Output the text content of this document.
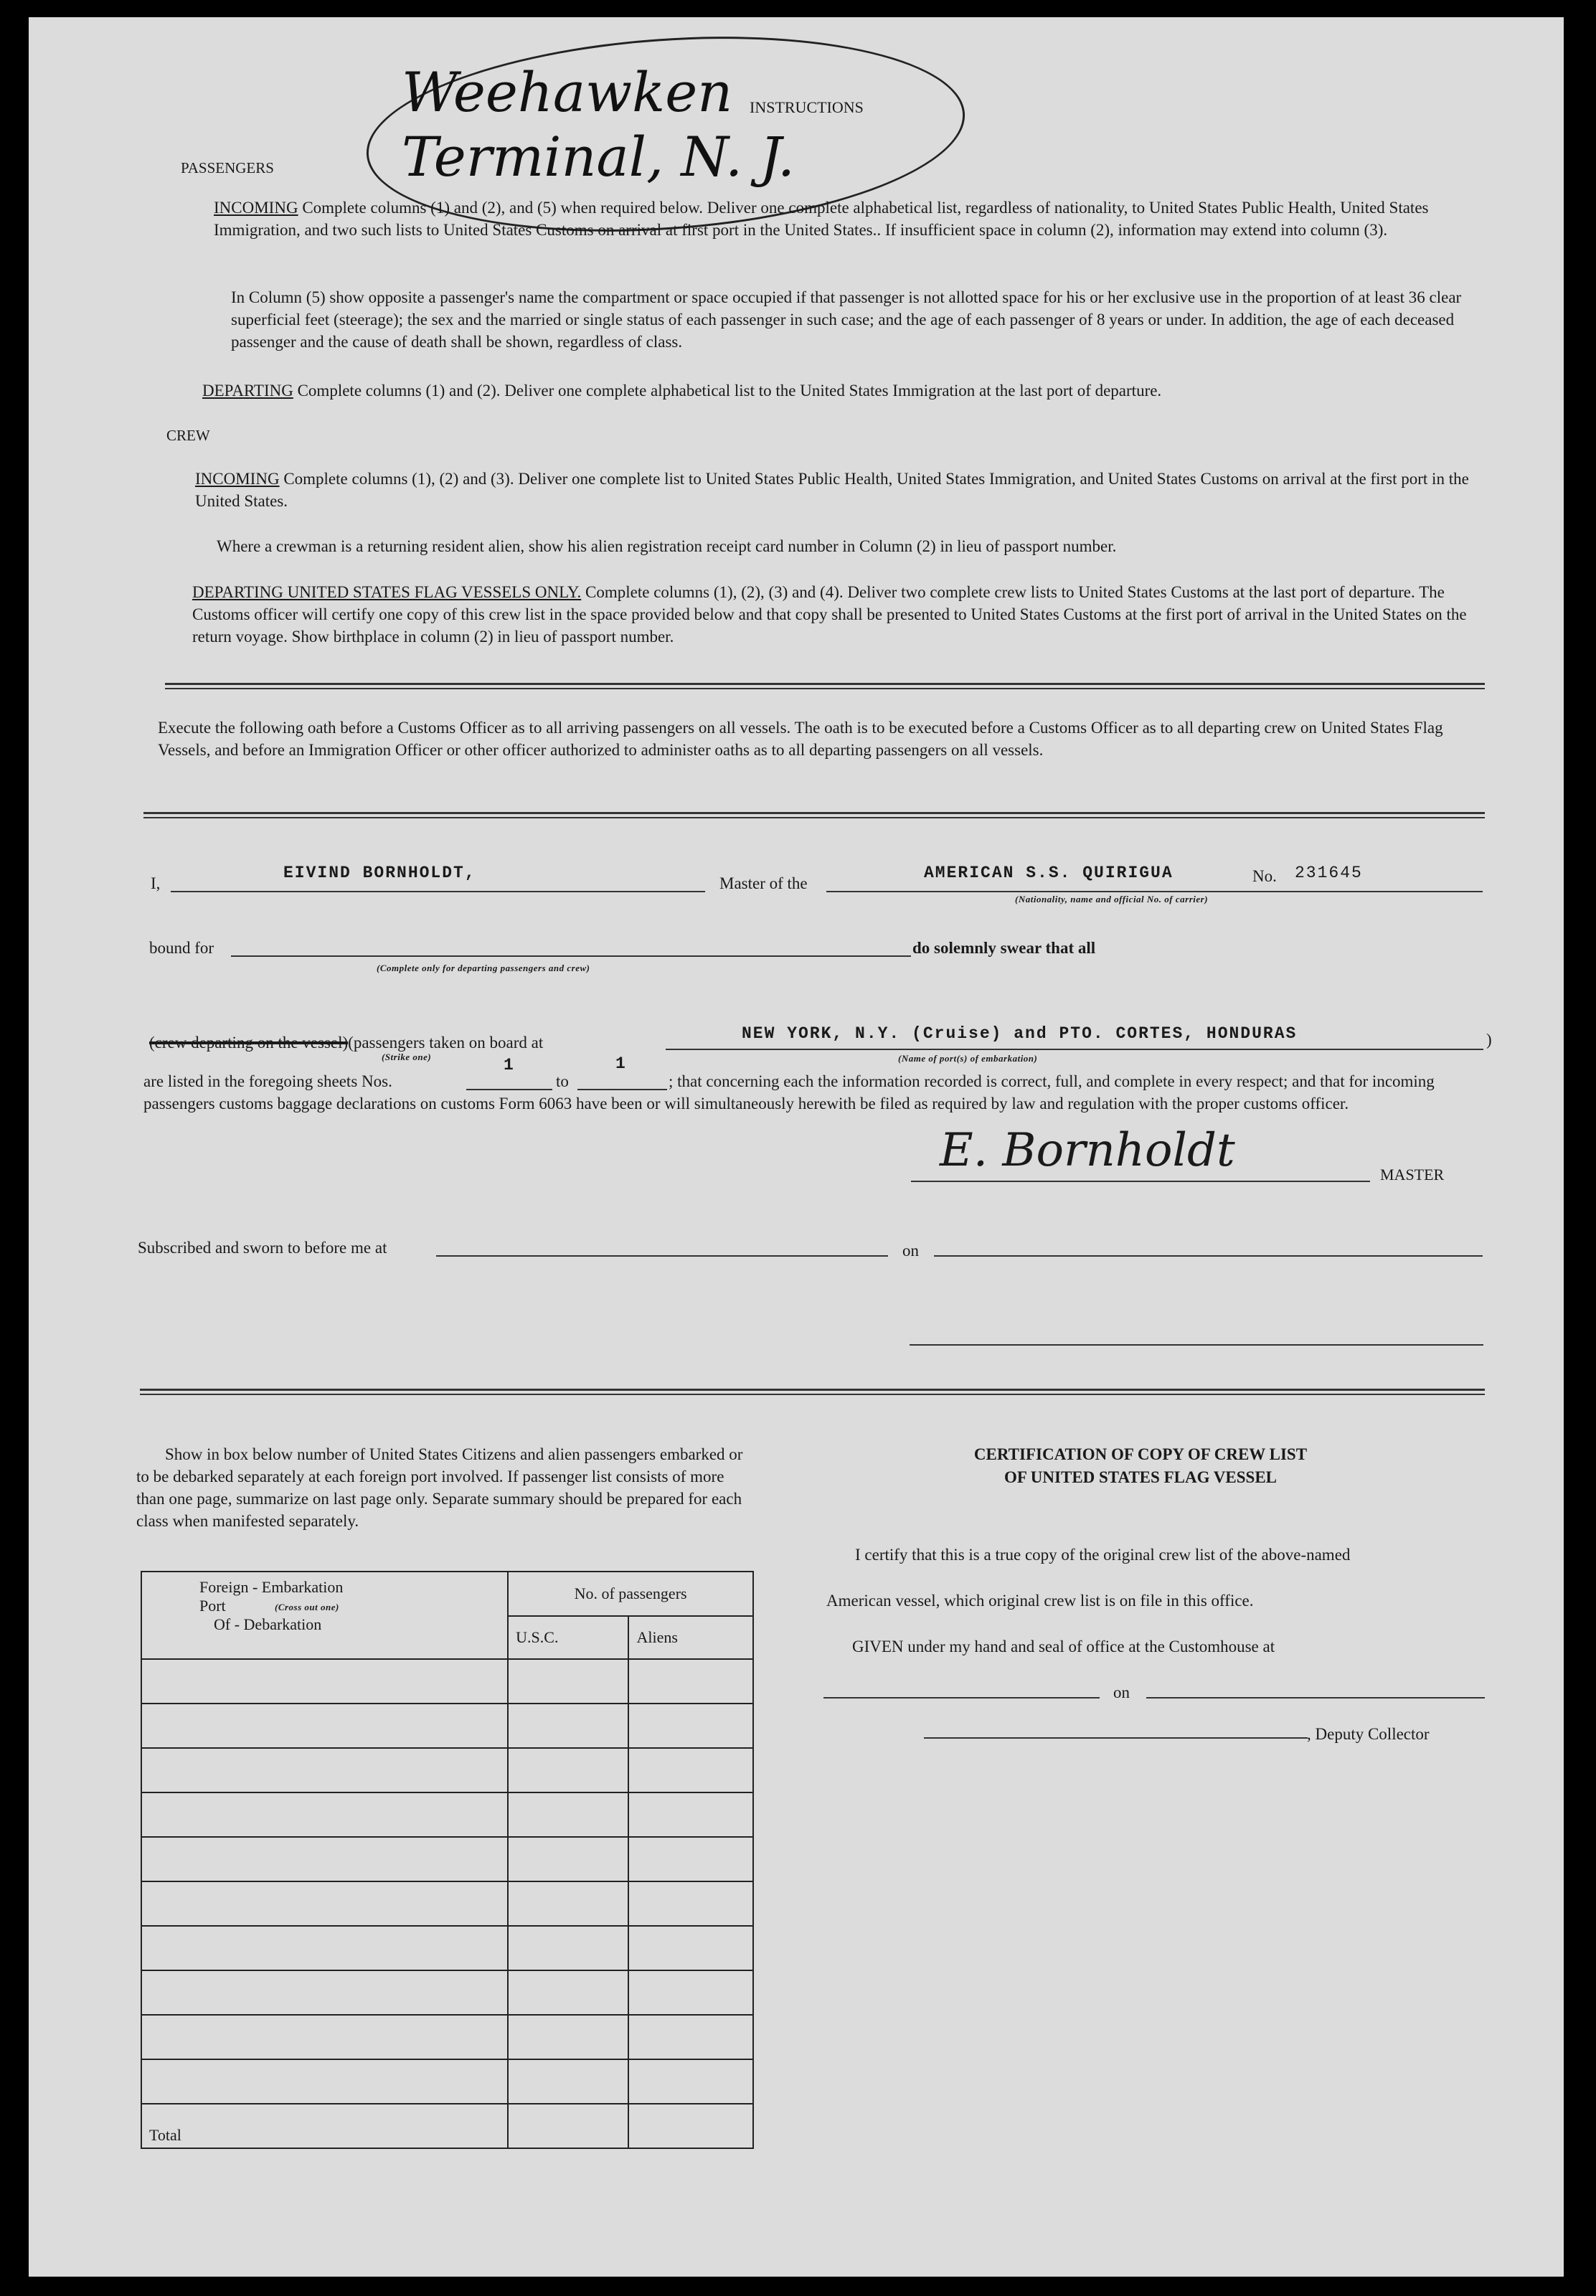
Weehawken Terminal, N. J.
INSTRUCTIONS
PASSENGERS
INCOMING Complete columns (1) and (2), and (5) when required below. Deliver one complete alphabetical list, regardless of nationality, to United States Public Health, United States Immigration, and two such lists to United States Customs on arrival at first port in the United States.. If insufficient space in column (2), information may extend into column (3).
In Column (5) show opposite a passenger's name the compartment or space occupied if that passenger is not allotted space for his or her exclusive use in the proportion of at least 36 clear superficial feet (steerage); the sex and the married or single status of each passenger in such case; and the age of each passenger of 8 years or under. In addition, the age of each deceased passenger and the cause of death shall be shown, regardless of class.
DEPARTING Complete columns (1) and (2). Deliver one complete alphabetical list to the United States Immigration at the last port of departure.
CREW
INCOMING Complete columns (1), (2) and (3). Deliver one complete list to United States Public Health, United States Immigration, and United States Customs on arrival at the first port in the United States.
Where a crewman is a returning resident alien, show his alien registration receipt card number in Column (2) in lieu of passport number.
DEPARTING UNITED STATES FLAG VESSELS ONLY. Complete columns (1), (2), (3) and (4). Deliver two complete crew lists to United States Customs at the last port of departure. The Customs officer will certify one copy of this crew list in the space provided below and that copy shall be presented to United States Customs at the first port of arrival in the United States on the return voyage. Show birthplace in column (2) in lieu of passport number.
Execute the following oath before a Customs Officer as to all arriving passengers on all vessels. The oath is to be executed before a Customs Officer as to all departing crew on United States Flag Vessels, and before an Immigration Officer or other officer authorized to administer oaths as to all departing passengers on all vessels.
I,
EIVIND BORNHOLDT,
Master of the
AMERICAN S.S. QUIRIGUA	No. 231645
(Nationality, name and official No. of carrier)
bound for	do solemnly swear that all
(Complete only for departing passengers and crew)
(crew departing on the vessel)(passengers taken on board at
(Strike one)
NEW YORK, N.Y. (Cruise) and PTO. CORTES, HONDURAS	)
(Name of port(s) of embarkation)
are listed in the foregoing sheets Nos.
1
to
1
; that concerning each the information recorded is correct, full, and complete in every respect; and that for incoming passengers customs baggage declarations on customs Form 6063 have been or will simultaneously herewith be filed as required by law and regulation with the proper customs officer.
E. Bornholdt	MASTER
Subscribed and sworn to before me at	on
Show in box below number of United States Citizens and alien passengers embarked or to be debarked separately at each foreign port involved. If passenger list consists of more than one page, summarize on last page only. Separate summary should be prepared for each class when manifested separately.
Foreign - Embarkation
Port (Cross out one)
Of - Debarkation	No. of passengers	
	U.S.C.	Aliens

Total		
CERTIFICATION OF COPY OF CREW LIST
OF UNITED STATES FLAG VESSEL
I certify that this is a true copy of the original crew list of the above-named
American vessel, which original crew list is on file in this office.
GIVEN under my hand and seal of office at the Customhouse at
on
, Deputy Collector
